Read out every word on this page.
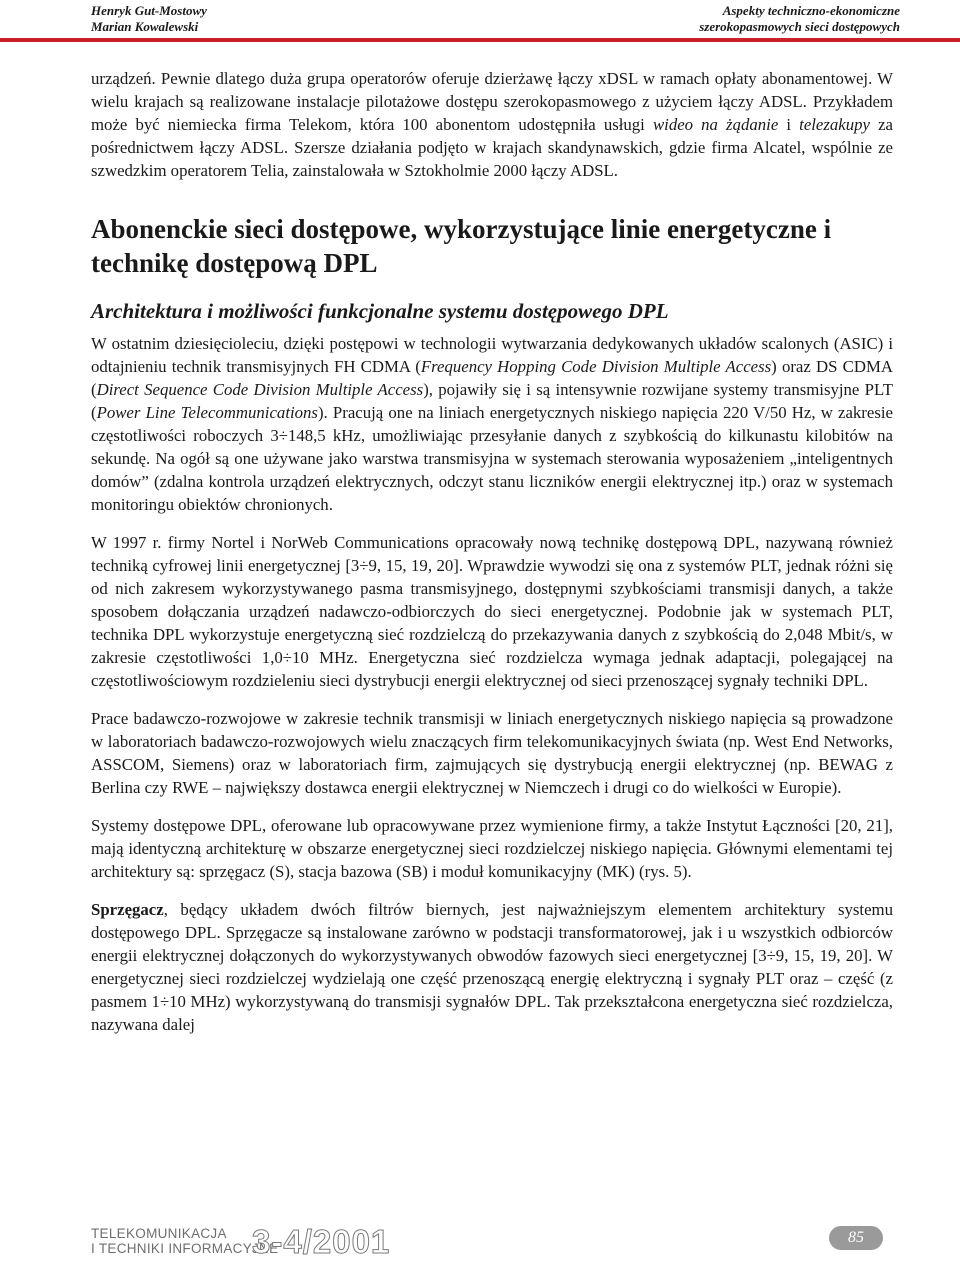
Henryk Gut-Mostowy
Marian Kowalewski
Aspekty techniczno-ekonomiczne
szerokopasmowych sieci dostępowych

urządzeń. Pewnie dlatego duża grupa operatorów oferuje dzierżawę łączy xDSL w ramach opłaty abonamentowej. W wielu krajach są realizowane instalacje pilotażowe dostępu szerokopasmowego z użyciem łączy ADSL. Przykładem może być niemiecka firma Telekom, która 100 abonentom udostępniła usługi wideo na żądanie i telezakupy za pośrednictwem łączy ADSL. Szersze działania podjęto w krajach skandynawskich, gdzie firma Alcatel, wspólnie ze szwedzkim operatorem Telia, zainstalowała w Sztokholmie 2000 łączy ADSL.

Abonenckie sieci dostępowe, wykorzystujące linie energetyczne i technikę dostępową DPL
Architektura i możliwości funkcjonalne systemu dostępowego DPL

W ostatnim dziesięcioleciu, dzięki postępowi w technologii wytwarzania dedykowanych układów scalonych (ASIC) i odtajnieniu technik transmisyjnych FH CDMA (Frequency Hopping Code Division Multiple Access) oraz DS CDMA (Direct Sequence Code Division Multiple Access), pojawiły się i są intensywnie rozwijane systemy transmisyjne PLT (Power Line Telecommunications). Pracują one na liniach energetycznych niskiego napięcia 220 V/50 Hz, w zakresie częstotliwości roboczych 3÷148,5 kHz, umożliwiając przesyłanie danych z szybkością do kilkunastu kilobitów na sekundę. Na ogół są one używane jako warstwa transmisyjna w systemach sterowania wyposażeniem „inteligentnych domów” (zdalna kontrola urządzeń elektrycznych, odczyt stanu liczników energii elektrycznej itp.) oraz w systemach monitoringu obiektów chronionych.

W 1997 r. firmy Nortel i NorWeb Communications opracowały nową technikę dostępową DPL, nazywaną również techniką cyfrowej linii energetycznej [3÷9, 15, 19, 20]. Wprawdzie wywodzi się ona z systemów PLT, jednak różni się od nich zakresem wykorzystywanego pasma transmisyjnego, dostępnymi szybkościami transmisji danych, a także sposobem dołączania urządzeń nadawczo-odbiorczych do sieci energetycznej. Podobnie jak w systemach PLT, technika DPL wykorzystuje energetyczną sieć rozdzielczą do przekazywania danych z szybkością do 2,048 Mbit/s, w zakresie częstotliwości 1,0÷10 MHz. Energetyczna sieć rozdzielcza wymaga jednak adaptacji, polegającej na częstotliwościowym rozdzieleniu sieci dystrybucji energii elektrycznej od sieci przenoszącej sygnały techniki DPL.

Prace badawczo-rozwojowe w zakresie technik transmisji w liniach energetycznych niskiego napięcia są prowadzone w laboratoriach badawczo-rozwojowych wielu znaczących firm telekomunikacyjnych świata (np. West End Networks, ASSCOM, Siemens) oraz w laboratoriach firm, zajmujących się dystrybucją energii elektrycznej (np. BEWAG z Berlina czy RWE – największy dostawca energii elektrycznej w Niemczech i drugi co do wielkości w Europie).

Systemy dostępowe DPL, oferowane lub opracowywane przez wymienione firmy, a także Instytut Łączności [20, 21], mają identyczną architekturę w obszarze energetycznej sieci rozdzielczej niskiego napięcia. Głównymi elementami tej architektury są: sprzęgacz (S), stacja bazowa (SB) i moduł komunikacyjny (MK) (rys. 5).

Sprzęgacz, będący układem dwóch filtrów biernych, jest najważniejszym elementem architektury systemu dostępowego DPL. Sprzęgacze są instalowane zarówno w podstacji transformatorowej, jak i u wszystkich odbiorców energii elektrycznej dołączonych do wykorzystywanych obwodów fazowych sieci energetycznej [3÷9, 15, 19, 20]. W energetycznej sieci rozdzielczej wydzielają one część przenoszącą energię elektryczną i sygnały PLT oraz – część (z pasmem 1÷10 MHz) wykorzystywaną do transmisji sygnałów DPL. Tak przekształcona energetyczna sieć rozdzielcza, nazywana dalej

TELEKOMUNIKACJA
I TECHNIKI INFORMACYJNE
3-4/2001	85
